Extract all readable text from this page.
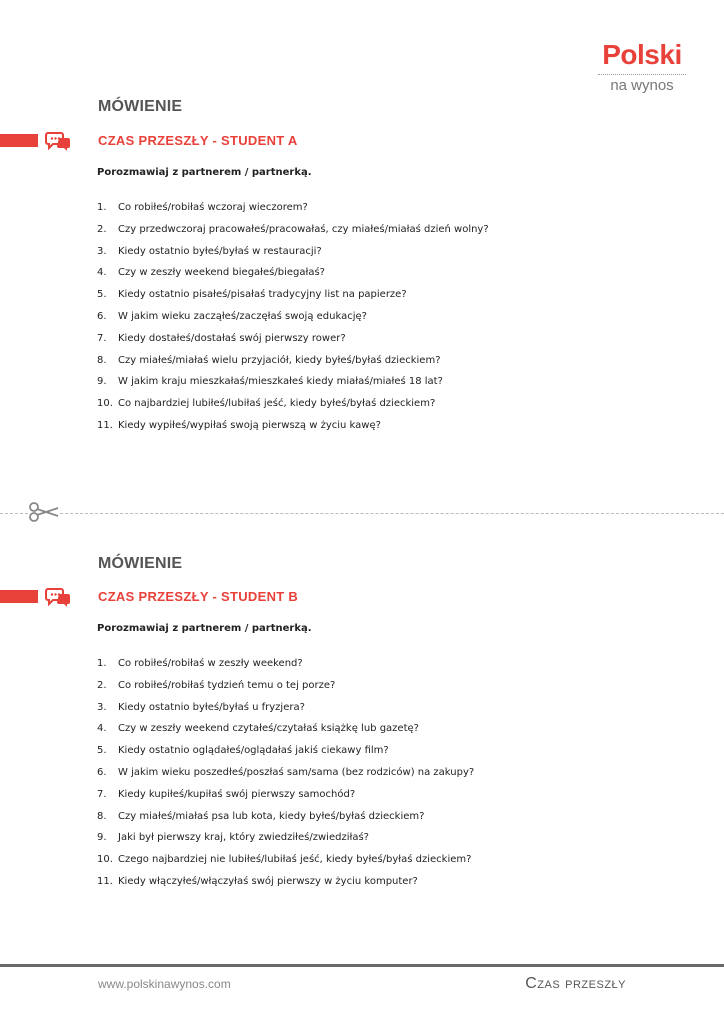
Polski
na wynos
MÓWIENIE
CZAS PRZESZŁY - STUDENT A
Porozmawiaj z partnerem / partnerką.
1.	Co robiłeś/robiłaś wczoraj wieczorem?
2.	Czy przedwczoraj pracowałeś/pracowałaś, czy miałeś/miałaś dzień wolny?
3.	Kiedy ostatnio byłeś/byłaś w restauracji?
4.	Czy w zeszły weekend biegałeś/biegałaś?
5.	Kiedy ostatnio pisałeś/pisałaś tradycyjny list na papierze?
6.	W jakim wieku zacząłeś/zaczęłaś swoją edukację?
7.	Kiedy dostałeś/dostałaś swój pierwszy rower?
8.	Czy miałeś/miałaś wielu przyjaciół, kiedy byłeś/byłaś dzieckiem?
9.	W jakim kraju mieszkałaś/mieszkałeś kiedy miałaś/miałeś 18 lat?
10. Co najbardziej lubiłeś/lubiłaś jeść, kiedy byłeś/byłaś dzieckiem?
11. Kiedy wypiłeś/wypiłaś swoją pierwszą w życiu kawę?
MÓWIENIE
CZAS PRZESZŁY - STUDENT B
Porozmawiaj z partnerem / partnerką.
1.	Co robiłeś/robiłaś w zeszły weekend?
2.	Co robiłeś/robiłaś tydzień temu o tej porze?
3.	Kiedy ostatnio byłeś/byłaś u fryzjera?
4.	Czy w zeszły weekend czytałeś/czytałaś książkę lub gazetę?
5.	Kiedy ostatnio oglądałeś/oglądałaś jakiś ciekawy film?
6.	W jakim wieku poszedłeś/poszłaś sam/sama (bez rodziców) na zakupy?
7.	Kiedy kupiłeś/kupiłaś swój pierwszy samochód?
8.	Czy miałeś/miałaś psa lub kota, kiedy byłeś/byłaś dzieckiem?
9.	Jaki był pierwszy kraj, który zwiedziłeś/zwiedziłaś?
10. Czego najbardziej nie lubiłeś/lubiłaś jeść, kiedy byłeś/byłaś dzieckiem?
11. Kiedy włączyłeś/włączyłaś swój pierwszy w życiu komputer?
www.polskinawynos.com	Czas przeszły
